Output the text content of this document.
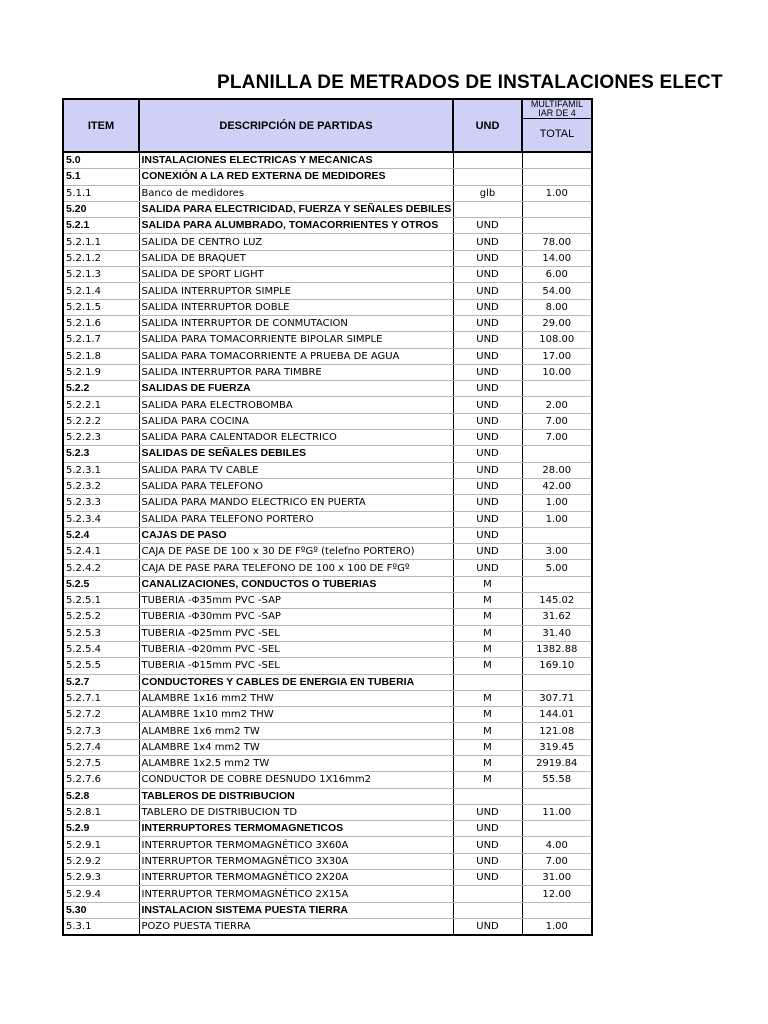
PLANILLA DE METRADOS DE INSTALACIONES ELECT
ITEM	DESCRIPCIÓN DE PARTIDAS	UND	MULTIFAMIL IAR DE 4
TOTAL

5.0	INSTALACIONES ELECTRICAS Y MECANICAS		
5.1	CONEXIÓN A LA RED EXTERNA DE MEDIDORES		
5.1.1	Banco de medidores	glb	1.00
5.20	SALIDA PARA ELECTRICIDAD, FUERZA Y SEÑALES DEBILES		
5.2.1	SALIDA PARA ALUMBRADO, TOMACORRIENTES Y OTROS	UND	
5.2.1.1	SALIDA DE CENTRO LUZ	UND	78.00
5.2.1.2	SALIDA DE BRAQUET	UND	14.00
5.2.1.3	SALIDA DE SPORT LIGHT	UND	6.00
5.2.1.4	SALIDA INTERRUPTOR SIMPLE	UND	54.00
5.2.1.5	SALIDA INTERRUPTOR DOBLE	UND	8.00
5.2.1.6	SALIDA INTERRUPTOR DE CONMUTACION	UND	29.00
5.2.1.7	SALIDA PARA TOMACORRIENTE BIPOLAR SIMPLE	UND	108.00
5.2.1.8	SALIDA PARA TOMACORRIENTE A PRUEBA DE AGUA	UND	17.00
5.2.1.9	SALIDA INTERRUPTOR PARA TIMBRE	UND	10.00
5.2.2	SALIDAS DE FUERZA	UND	
5.2.2.1	SALIDA PARA ELECTROBOMBA	UND	2.00
5.2.2.2	SALIDA PARA COCINA	UND	7.00
5.2.2.3	SALIDA PARA CALENTADOR ELECTRICO	UND	7.00
5.2.3	SALIDAS DE SEÑALES DEBILES	UND	
5.2.3.1	SALIDA PARA TV CABLE	UND	28.00
5.2.3.2	SALIDA PARA TELEFONO	UND	42.00
5.2.3.3	SALIDA PARA MANDO ELECTRICO EN PUERTA	UND	1.00
5.2.3.4	SALIDA PARA TELEFONO PORTERO	UND	1.00
5.2.4	CAJAS DE PASO	UND	
5.2.4.1	CAJA DE PASE DE 100 x 30 DE FºGº (telefno PORTERO)	UND	3.00
5.2.4.2	CAJA DE PASE PARA TELEFONO DE 100 x 100 DE FºGº	UND	5.00
5.2.5	CANALIZACIONES, CONDUCTOS O TUBERIAS	M	
5.2.5.1	TUBERIA -Φ35mm PVC -SAP	M	145.02
5.2.5.2	TUBERIA -Φ30mm PVC -SAP	M	31.62
5.2.5.3	TUBERIA -Φ25mm PVC -SEL	M	31.40
5.2.5.4	TUBERIA -Φ20mm PVC -SEL	M	1382.88
5.2.5.5	TUBERIA -Φ15mm PVC -SEL	M	169.10
5.2.7	CONDUCTORES Y CABLES DE ENERGIA EN TUBERIA		
5.2.7.1	ALAMBRE 1x16 mm2 THW	M	307.71
5.2.7.2	ALAMBRE 1x10 mm2 THW	M	144.01
5.2.7.3	ALAMBRE 1x6 mm2 TW	M	121.08
5.2.7.4	ALAMBRE 1x4 mm2 TW	M	319.45
5.2.7.5	ALAMBRE 1x2.5 mm2 TW	M	2919.84
5.2.7.6	CONDUCTOR DE COBRE DESNUDO 1X16mm2	M	55.58
5.2.8	TABLEROS DE DISTRIBUCION		
5.2.8.1	TABLERO DE DISTRIBUCION TD	UND	11.00
5.2.9	INTERRUPTORES TERMOMAGNETICOS	UND	
5.2.9.1	INTERRUPTOR TERMOMAGNÉTICO 3X60A	UND	4.00
5.2.9.2	INTERRUPTOR TERMOMAGNÉTICO 3X30A	UND	7.00
5.2.9.3	INTERRUPTOR TERMOMAGNÉTICO 2X20A	UND	31.00
5.2.9.4	INTERRUPTOR TERMOMAGNÉTICO 2X15A		12.00
5.30	INSTALACION SISTEMA PUESTA TIERRA		
5.3.1	POZO PUESTA TIERRA	UND	1.00
